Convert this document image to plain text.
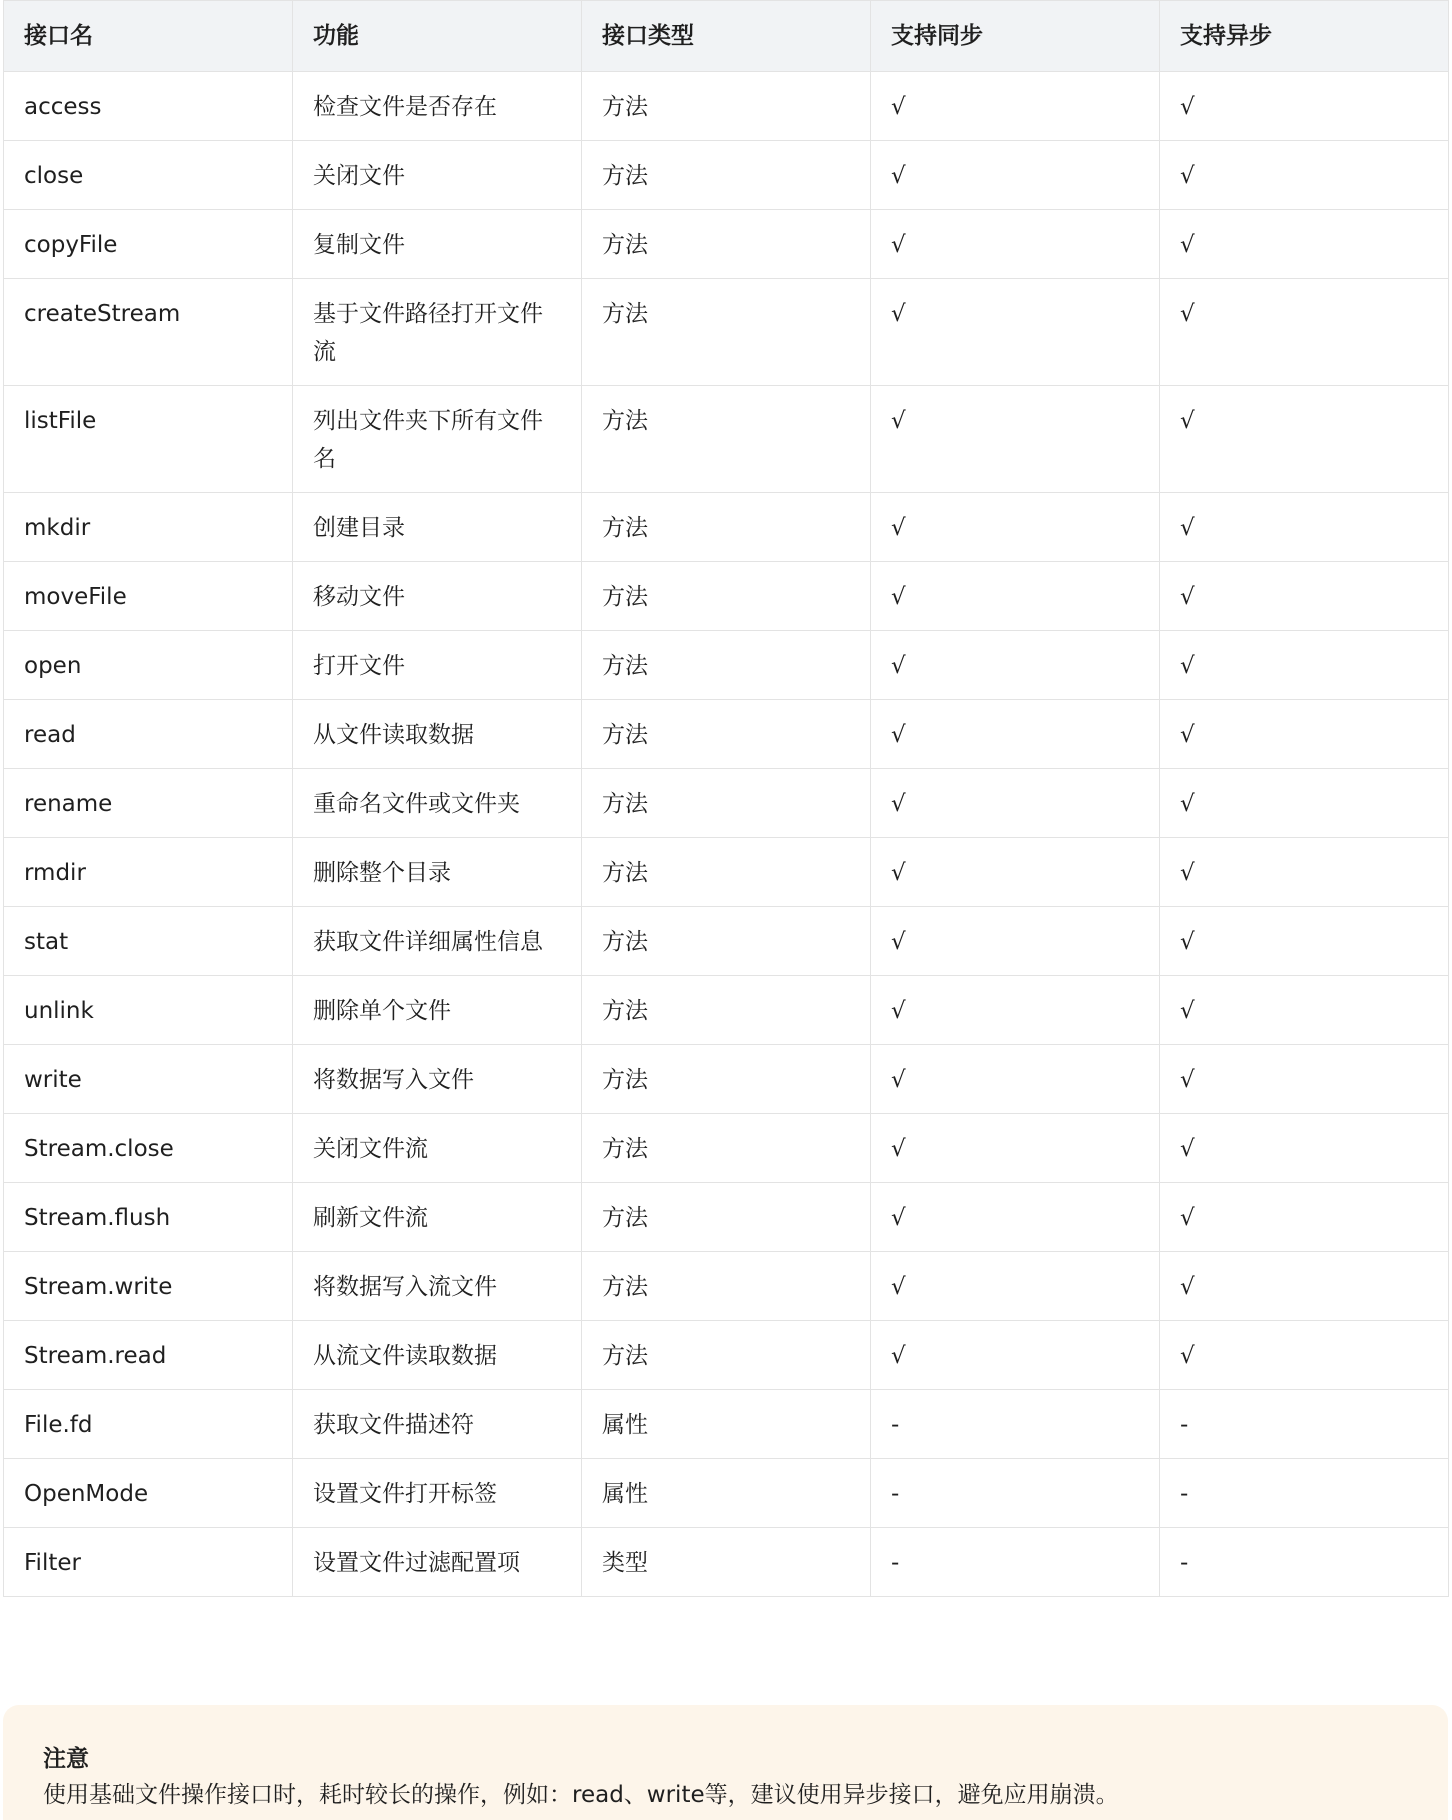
接口名	功能	接口类型	支持同步	支持异步
access	检查文件是否存在	方法	√	√
close	关闭文件	方法	√	√
copyFile	复制文件	方法	√	√
createStream	基于文件路径打开文件流	方法	√	√
listFile	列出文件夹下所有文件名	方法	√	√
mkdir	创建目录	方法	√	√
moveFile	移动文件	方法	√	√
open	打开文件	方法	√	√
read	从文件读取数据	方法	√	√
rename	重命名文件或文件夹	方法	√	√
rmdir	删除整个目录	方法	√	√
stat	获取文件详细属性信息	方法	√	√
unlink	删除单个文件	方法	√	√
write	将数据写入文件	方法	√	√
Stream.close	关闭文件流	方法	√	√
Stream.flush	刷新文件流	方法	√	√
Stream.write	将数据写入流文件	方法	√	√
Stream.read	从流文件读取数据	方法	√	√
File.fd	获取文件描述符	属性	-	-
OpenMode	设置文件打开标签	属性	-	-
Filter	设置文件过滤配置项	类型	-	-
注意
使用基础文件操作接口时，耗时较长的操作，例如：read、write等，建议使用异步接口，避免应用崩溃。
